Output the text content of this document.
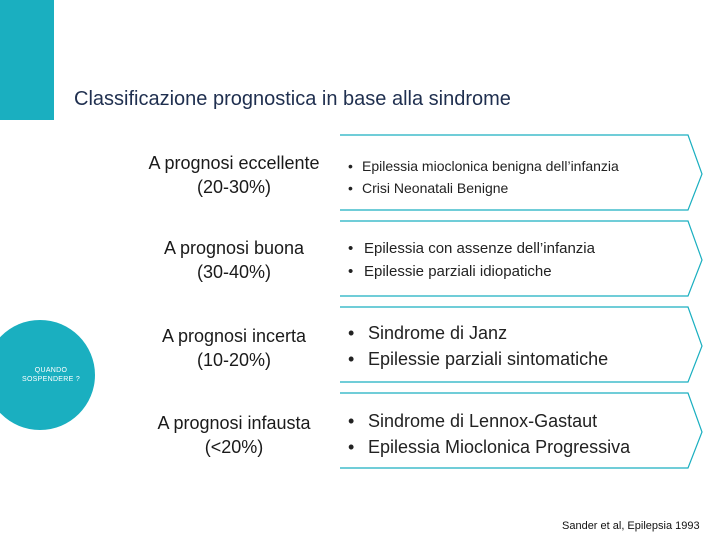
Classificazione prognostica in base alla sindrome
A prognosi eccellente
(20-30%)
• Epilessia mioclonica benigna dell’infanzia
• Crisi Neonatali Benigne
A prognosi buona
(30-40%)
• Epilessia con assenze dell’infanzia
• Epilessie parziali idiopatiche
A prognosi incerta
(10-20%)
• Sindrome di Janz
• Epilessie parziali sintomatiche
A prognosi infausta
(<20%)
• Sindrome di Lennox-Gastaut
• Epilessia Mioclonica Progressiva
QUANDO SOSPENDERE ?
Sander et al, Epilepsia 1993
